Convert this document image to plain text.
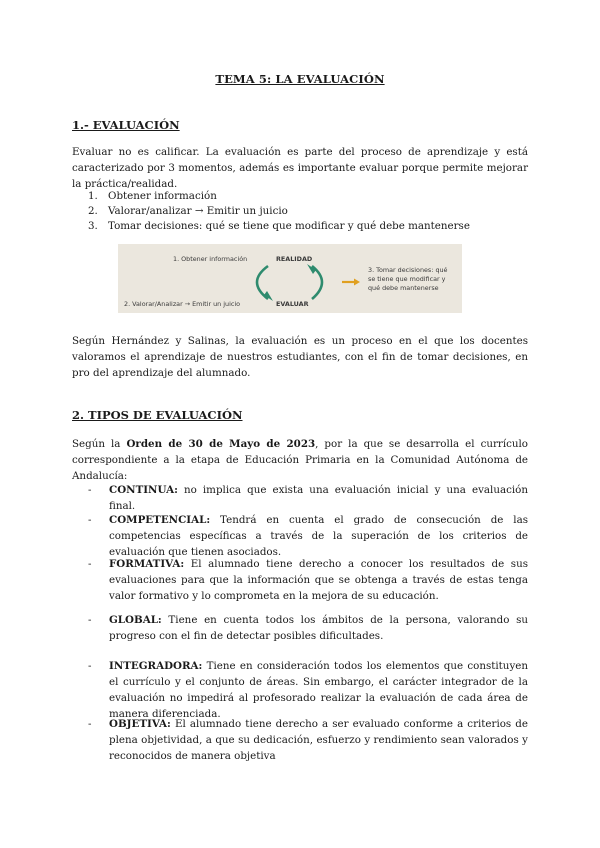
TEMA 5: LA EVALUACIÓN
1.- EVALUACIÓN
Evaluar no es calificar. La evaluación es parte del proceso de aprendizaje y está caracterizado por 3 momentos, además es importante evaluar porque permite mejorar la práctica/realidad.
1. Obtener información
2. Valorar/analizar → Emitir un juicio
3. Tomar decisiones: qué se tiene que modificar y qué debe mantenerse
1. Obtener información	REALIDAD
2. Valorar/Analizar → Emitir un juicio	EVALUAR
3. Tomar decisiones: qué
se tiene que modificar y
qué debe mantenerse
Según Hernández y Salinas, la evaluación es un proceso en el que los docentes valoramos el aprendizaje de nuestros estudiantes, con el fin de tomar decisiones, en pro del aprendizaje del alumnado.
2. TIPOS DE EVALUACIÓN
Según la Orden de 30 de Mayo de 2023, por la que se desarrolla el currículo correspondiente a la etapa de Educación Primaria en la Comunidad Autónoma de Andalucía:
- CONTINUA: no implica que exista una evaluación inicial y una evaluación final.
- COMPETENCIAL: Tendrá en cuenta el grado de consecución de las competencias específicas a través de la superación de los criterios de evaluación que tienen asociados.
- FORMATIVA: El alumnado tiene derecho a conocer los resultados de sus evaluaciones para que la información que se obtenga a través de estas tenga valor formativo y lo comprometa en la mejora de su educación.
- GLOBAL: Tiene en cuenta todos los ámbitos de la persona, valorando su progreso con el fin de detectar posibles dificultades.
- INTEGRADORA: Tiene en consideración todos los elementos que constituyen el currículo y el conjunto de áreas. Sin embargo, el carácter integrador de la evaluación no impedirá al profesorado realizar la evaluación de cada área de manera diferenciada.
- OBJETIVA: El alumnado tiene derecho a ser evaluado conforme a criterios de plena objetividad, a que su dedicación, esfuerzo y rendimiento sean valorados y reconocidos de manera objetiva
